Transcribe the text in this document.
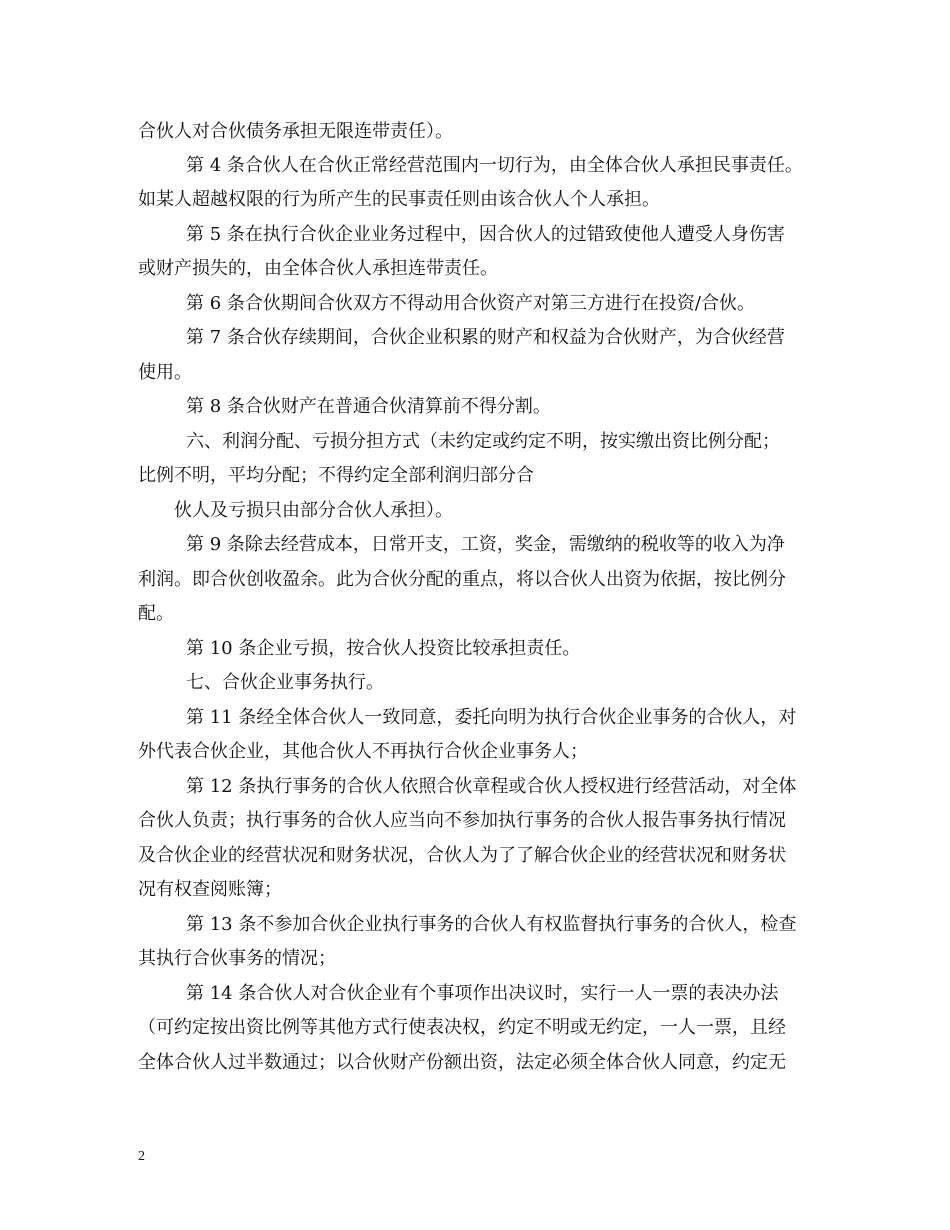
合伙人对合伙债务承担无限连带责任）。
第 4 条合伙人在合伙正常经营范围内一切行为，由全体合伙人承担民事责任。
如某人超越权限的行为所产生的民事责任则由该合伙人个人承担。
第 5 条在执行合伙企业业务过程中，因合伙人的过错致使他人遭受人身伤害
或财产损失的，由全体合伙人承担连带责任。
第 6 条合伙期间合伙双方不得动用合伙资产对第三方进行在投资/合伙。
第 7 条合伙存续期间，合伙企业积累的财产和权益为合伙财产，为合伙经营
使用。
第 8 条合伙财产在普通合伙清算前不得分割。
六、利润分配、亏损分担方式（未约定或约定不明，按实缴出资比例分配；
比例不明，平均分配；不得约定全部利润归部分合
伙人及亏损只由部分合伙人承担）。
第 9 条除去经营成本，日常开支，工资，奖金，需缴纳的税收等的收入为净
利润。即合伙创收盈余。此为合伙分配的重点，将以合伙人出资为依据，按比例分
配。
第 10 条企业亏损，按合伙人投资比较承担责任。
七、合伙企业事务执行。
第 11 条经全体合伙人一致同意，委托向明为执行合伙企业事务的合伙人，对
外代表合伙企业，其他合伙人不再执行合伙企业事务人；
第 12 条执行事务的合伙人依照合伙章程或合伙人授权进行经营活动，对全体
合伙人负责；执行事务的合伙人应当向不参加执行事务的合伙人报告事务执行情况
及合伙企业的经营状况和财务状况，合伙人为了了解合伙企业的经营状况和财务状
况有权查阅账簿；
第 13 条不参加合伙企业执行事务的合伙人有权监督执行事务的合伙人，检查
其执行合伙事务的情况；
第 14 条合伙人对合伙企业有个事项作出决议时，实行一人一票的表决办法
（可约定按出资比例等其他方式行使表决权，约定不明或无约定，一人一票，且经
全体合伙人过半数通过；以合伙财产份额出资，法定必须全体合伙人同意，约定无
2
